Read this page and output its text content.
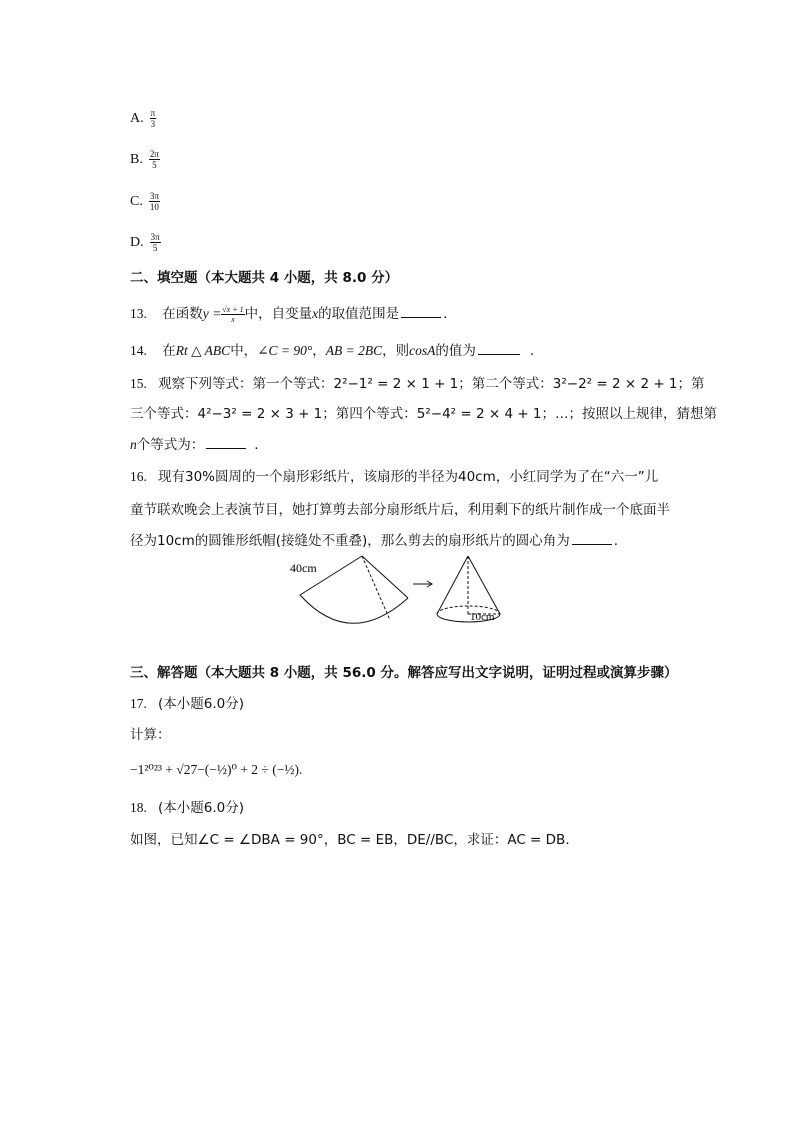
A. $\frac{\pi}{3}$
B. $\frac{2\pi}{5}$
C. $\frac{3\pi}{10}$
D. $\frac{3\pi}{5}$
二、填空题（本大题共 4 小题，共 8.0 分）
13. 在函数$y = \frac{√x + 1}{x}$ 中，自变量x的取值范围是	.
14. 在Rt △ ABC中，∠C = 90°，AB = 2BC，则cosA的值为	.
15. 观察下列等式：第一个等式：2²−1² = 2 × 1 + 1；第二个等式：3²−2² = 2 × 2 + 1；第
三个等式：4²−3² = 2 × 3 + 1；第四个等式：5²−4² = 2 × 4 + 1；…；按照以上规律，猜想第
n个等式为：	.
16. 现有30%圆周的一个扇形彩纸片，该扇形的半径为40cm，小红同学为了在“六一”儿
童节联欢晚会上表演节目，她打算剪去部分扇形纸片后，利用剩下的纸片制作成一个底面半
径为10cm的圆锥形纸帽(接缝处不重叠)，那么剪去的扇形纸片的圆心角为	.
40cm
10cm
三、解答题（本大题共 8 小题，共 56.0 分。解答应写出文字说明，证明过程或演算步骤）
17. (本小题6.0分)
计算：
−1²⁰²³ + √27−(−½)⁰ + 2 ÷ (−½).
18. (本小题6.0分)
如图，已知∠C = ∠DBA = 90°，BC = EB，DE//BC，求证：AC = DB.
